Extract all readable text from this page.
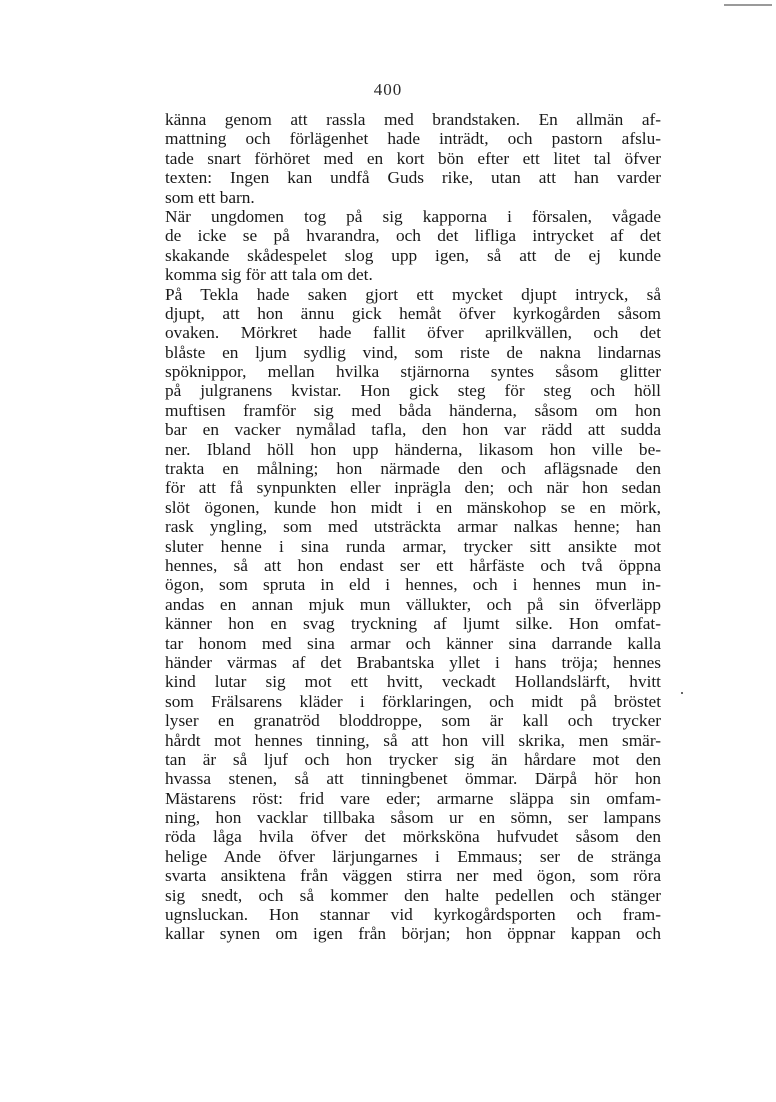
400
känna genom att rassla med brandstaken. En allmän af-
mattning och förlägenhet hade inträdt, och pastorn afslu-
tade snart förhöret med en kort bön efter ett litet tal öfver
texten: Ingen kan undfå Guds rike, utan att han varder
som ett barn.
När ungdomen tog på sig kapporna i försalen, vågade
de icke se på hvarandra, och det lifliga intrycket af det
skakande skådespelet slog upp igen, så att de ej kunde
komma sig för att tala om det.
På Tekla hade saken gjort ett mycket djupt intryck, så
djupt, att hon ännu gick hemåt öfver kyrkogården såsom
ovaken. Mörkret hade fallit öfver aprilkvällen, och det
blåste en ljum sydlig vind, som riste de nakna lindarnas
spöknippor, mellan hvilka stjärnorna syntes såsom glitter
på julgranens kvistar. Hon gick steg för steg och höll
muftisen framför sig med båda händerna, såsom om hon
bar en vacker nymålad tafla, den hon var rädd att sudda
ner. Ibland höll hon upp händerna, likasom hon ville be-
trakta en målning; hon närmade den och aflägsnade den
för att få synpunkten eller inprägla den; och när hon sedan
slöt ögonen, kunde hon midt i en mänskohop se en mörk,
rask yngling, som med utsträckta armar nalkas henne; han
sluter henne i sina runda armar, trycker sitt ansikte mot
hennes, så att hon endast ser ett hårfäste och två öppna
ögon, som spruta in eld i hennes, och i hennes mun in-
andas en annan mjuk mun vällukter, och på sin öfverläpp
känner hon en svag tryckning af ljumt silke. Hon omfat-
tar honom med sina armar och känner sina darrande kalla
händer värmas af det Brabantska yllet i hans tröja; hennes
kind lutar sig mot ett hvitt, veckadt Hollandslärft, hvitt
som Frälsarens kläder i förklaringen, och midt på bröstet
lyser en granatröd bloddroppe, som är kall och trycker
hårdt mot hennes tinning, så att hon vill skrika, men smär-
tan är så ljuf och hon trycker sig än hårdare mot den
hvassa stenen, så att tinningbenet ömmar. Därpå hör hon
Mästarens röst: frid vare eder; armarne släppa sin omfam-
ning, hon vacklar tillbaka såsom ur en sömn, ser lampans
röda låga hvila öfver det mörksköna hufvudet såsom den
helige Ande öfver lärjungarnes i Emmaus; ser de stränga
svarta ansiktena från väggen stirra ner med ögon, som röra
sig snedt, och så kommer den halte pedellen och stänger
ugnsluckan. Hon stannar vid kyrkogårdsporten och fram-
kallar synen om igen från början; hon öppnar kappan och
